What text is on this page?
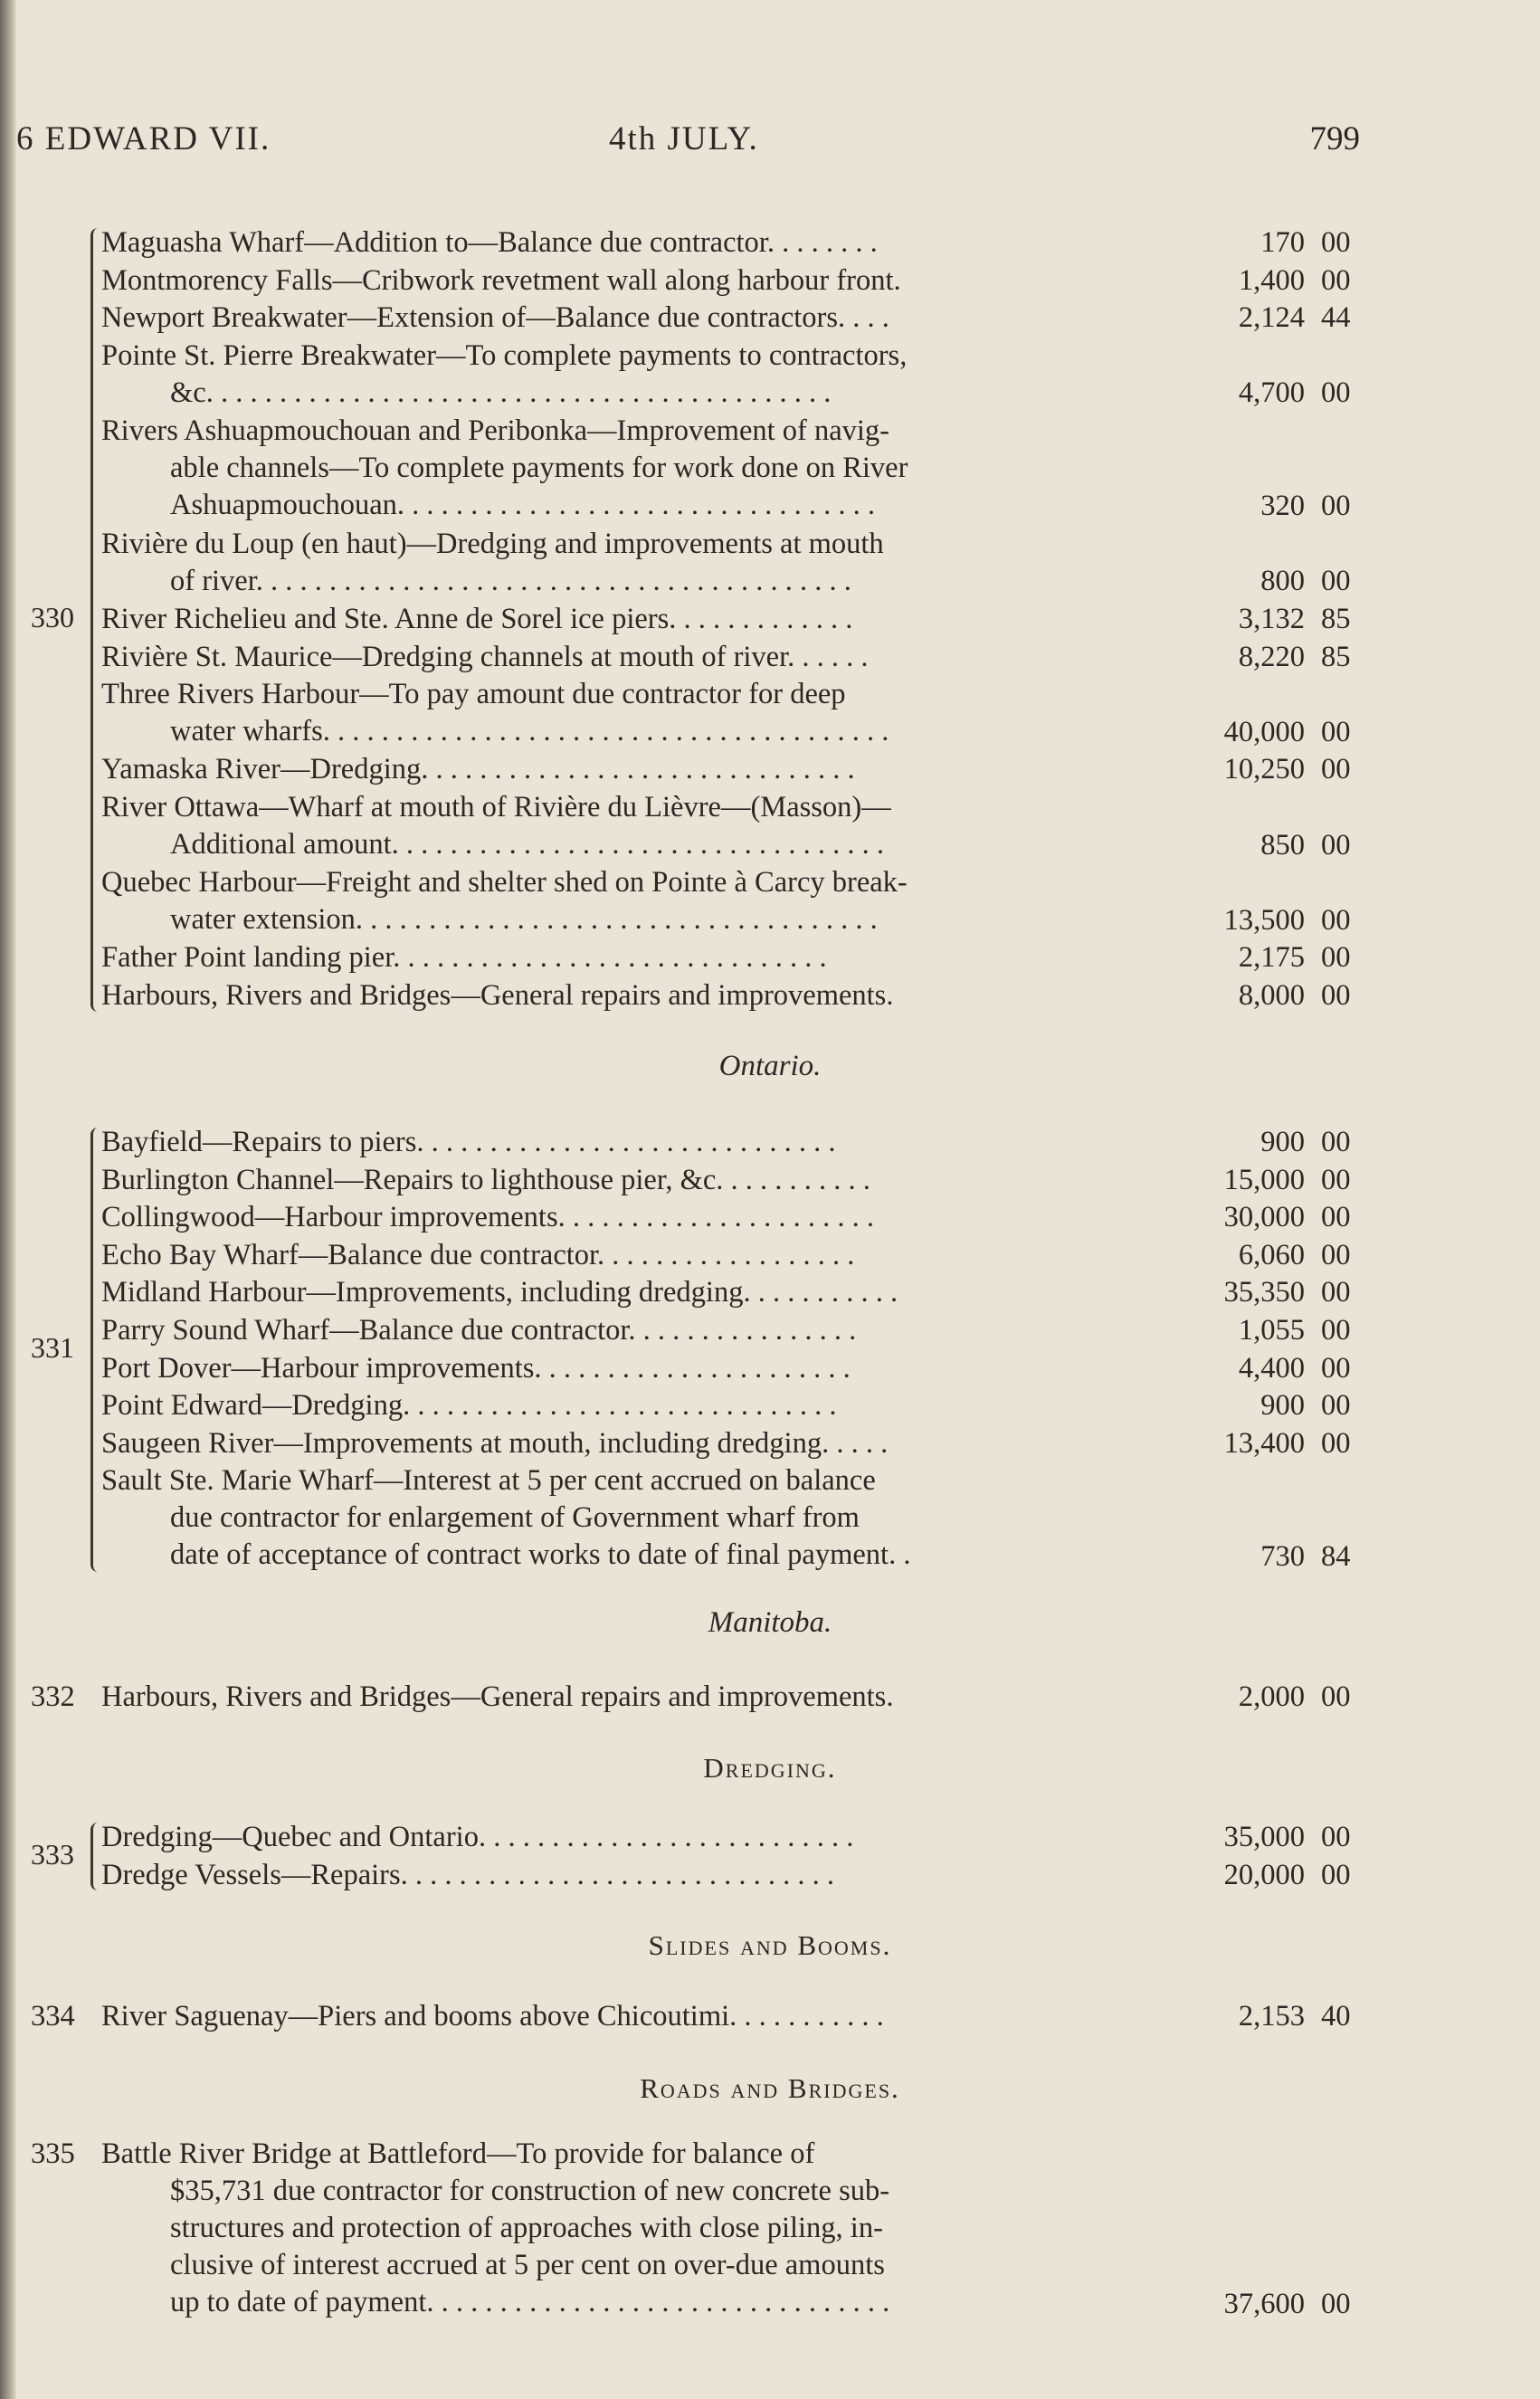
6 EDWARD VII.	4th JULY.	799
Maguasha Wharf—Addition to—Balance due contractor. . . . . . . .	170 00
Montmorency Falls—Cribwork revetment wall along harbour front.	1,400 00
Newport Breakwater—Extension of—Balance due contractors. . . .	2,124 44
Pointe St. Pierre Breakwater—To complete payments to contractors,
&c. . . . . . . . . . . . . . . . . . . . . . . . . . . . . . . . . . . . . . . . . . .	4,700 00
Rivers Ashuapmouchouan and Peribonka—Improvement of navig-
able channels—To complete payments for work done on River
Ashuapmouchouan. . . . . . . . . . . . . . . . . . . . . . . . . . . . . . . . .	320 00
Rivière du Loup (en haut)—Dredging and improvements at mouth
of river. . . . . . . . . . . . . . . . . . . . . . . . . . . . . . . . . . . . . . . . .	800 00
River Richelieu and Ste. Anne de Sorel ice piers. . . . . . . . . . . . .	3,132 85
Rivière St. Maurice—Dredging channels at mouth of river. . . . . .	8,220 85
Three Rivers Harbour—To pay amount due contractor for deep
water wharfs. . . . . . . . . . . . . . . . . . . . . . . . . . . . . . . . . . . . . . .	40,000 00
Yamaska River—Dredging. . . . . . . . . . . . . . . . . . . . . . . . . . . . . .	10,250 00
River Ottawa—Wharf at mouth of Rivière du Lièvre—(Masson)—
Additional amount. . . . . . . . . . . . . . . . . . . . . . . . . . . . . . . . . .	850 00
Quebec Harbour—Freight and shelter shed on Pointe à Carcy break-
water extension. . . . . . . . . . . . . . . . . . . . . . . . . . . . . . . . . . . .	13,500 00
Father Point landing pier. . . . . . . . . . . . . . . . . . . . . . . . . . . . . .	2,175 00
Harbours, Rivers and Bridges—General repairs and improvements.	8,000 00
330
Ontario.
Bayfield—Repairs to piers. . . . . . . . . . . . . . . . . . . . . . . . . . . . .	900 00
Burlington Channel—Repairs to lighthouse pier, &c. . . . . . . . . . .	15,000 00
Collingwood—Harbour improvements. . . . . . . . . . . . . . . . . . . . . .	30,000 00
Echo Bay Wharf—Balance due contractor. . . . . . . . . . . . . . . . . .	6,060 00
Midland Harbour—Improvements, including dredging. . . . . . . . . . .	35,350 00
Parry Sound Wharf—Balance due contractor. . . . . . . . . . . . . . . .	1,055 00
Port Dover—Harbour improvements. . . . . . . . . . . . . . . . . . . . . .	4,400 00
Point Edward—Dredging. . . . . . . . . . . . . . . . . . . . . . . . . . . . . .	900 00
Saugeen River—Improvements at mouth, including dredging. . . . .	13,400 00
Sault Ste. Marie Wharf—Interest at 5 per cent accrued on balance
due contractor for enlargement of Government wharf from
date of acceptance of contract works to date of final payment. .	730 84
331
Manitoba.
332 Harbours, Rivers and Bridges—General repairs and improvements.	2,000 00
Dredging.
Dredging—Quebec and Ontario. . . . . . . . . . . . . . . . . . . . . . . . . .	35,000 00
Dredge Vessels—Repairs. . . . . . . . . . . . . . . . . . . . . . . . . . . . . .	20,000 00
333
Slides and Booms.
334 River Saguenay—Piers and booms above Chicoutimi. . . . . . . . . . .	2,153 40
Roads and Bridges.
335 Battle River Bridge at Battleford—To provide for balance of
$35,731 due contractor for construction of new concrete sub-
structures and protection of approaches with close piling, in-
clusive of interest accrued at 5 per cent on over-due amounts
up to date of payment. . . . . . . . . . . . . . . . . . . . . . . . . . . . . . . .	37,600 00
